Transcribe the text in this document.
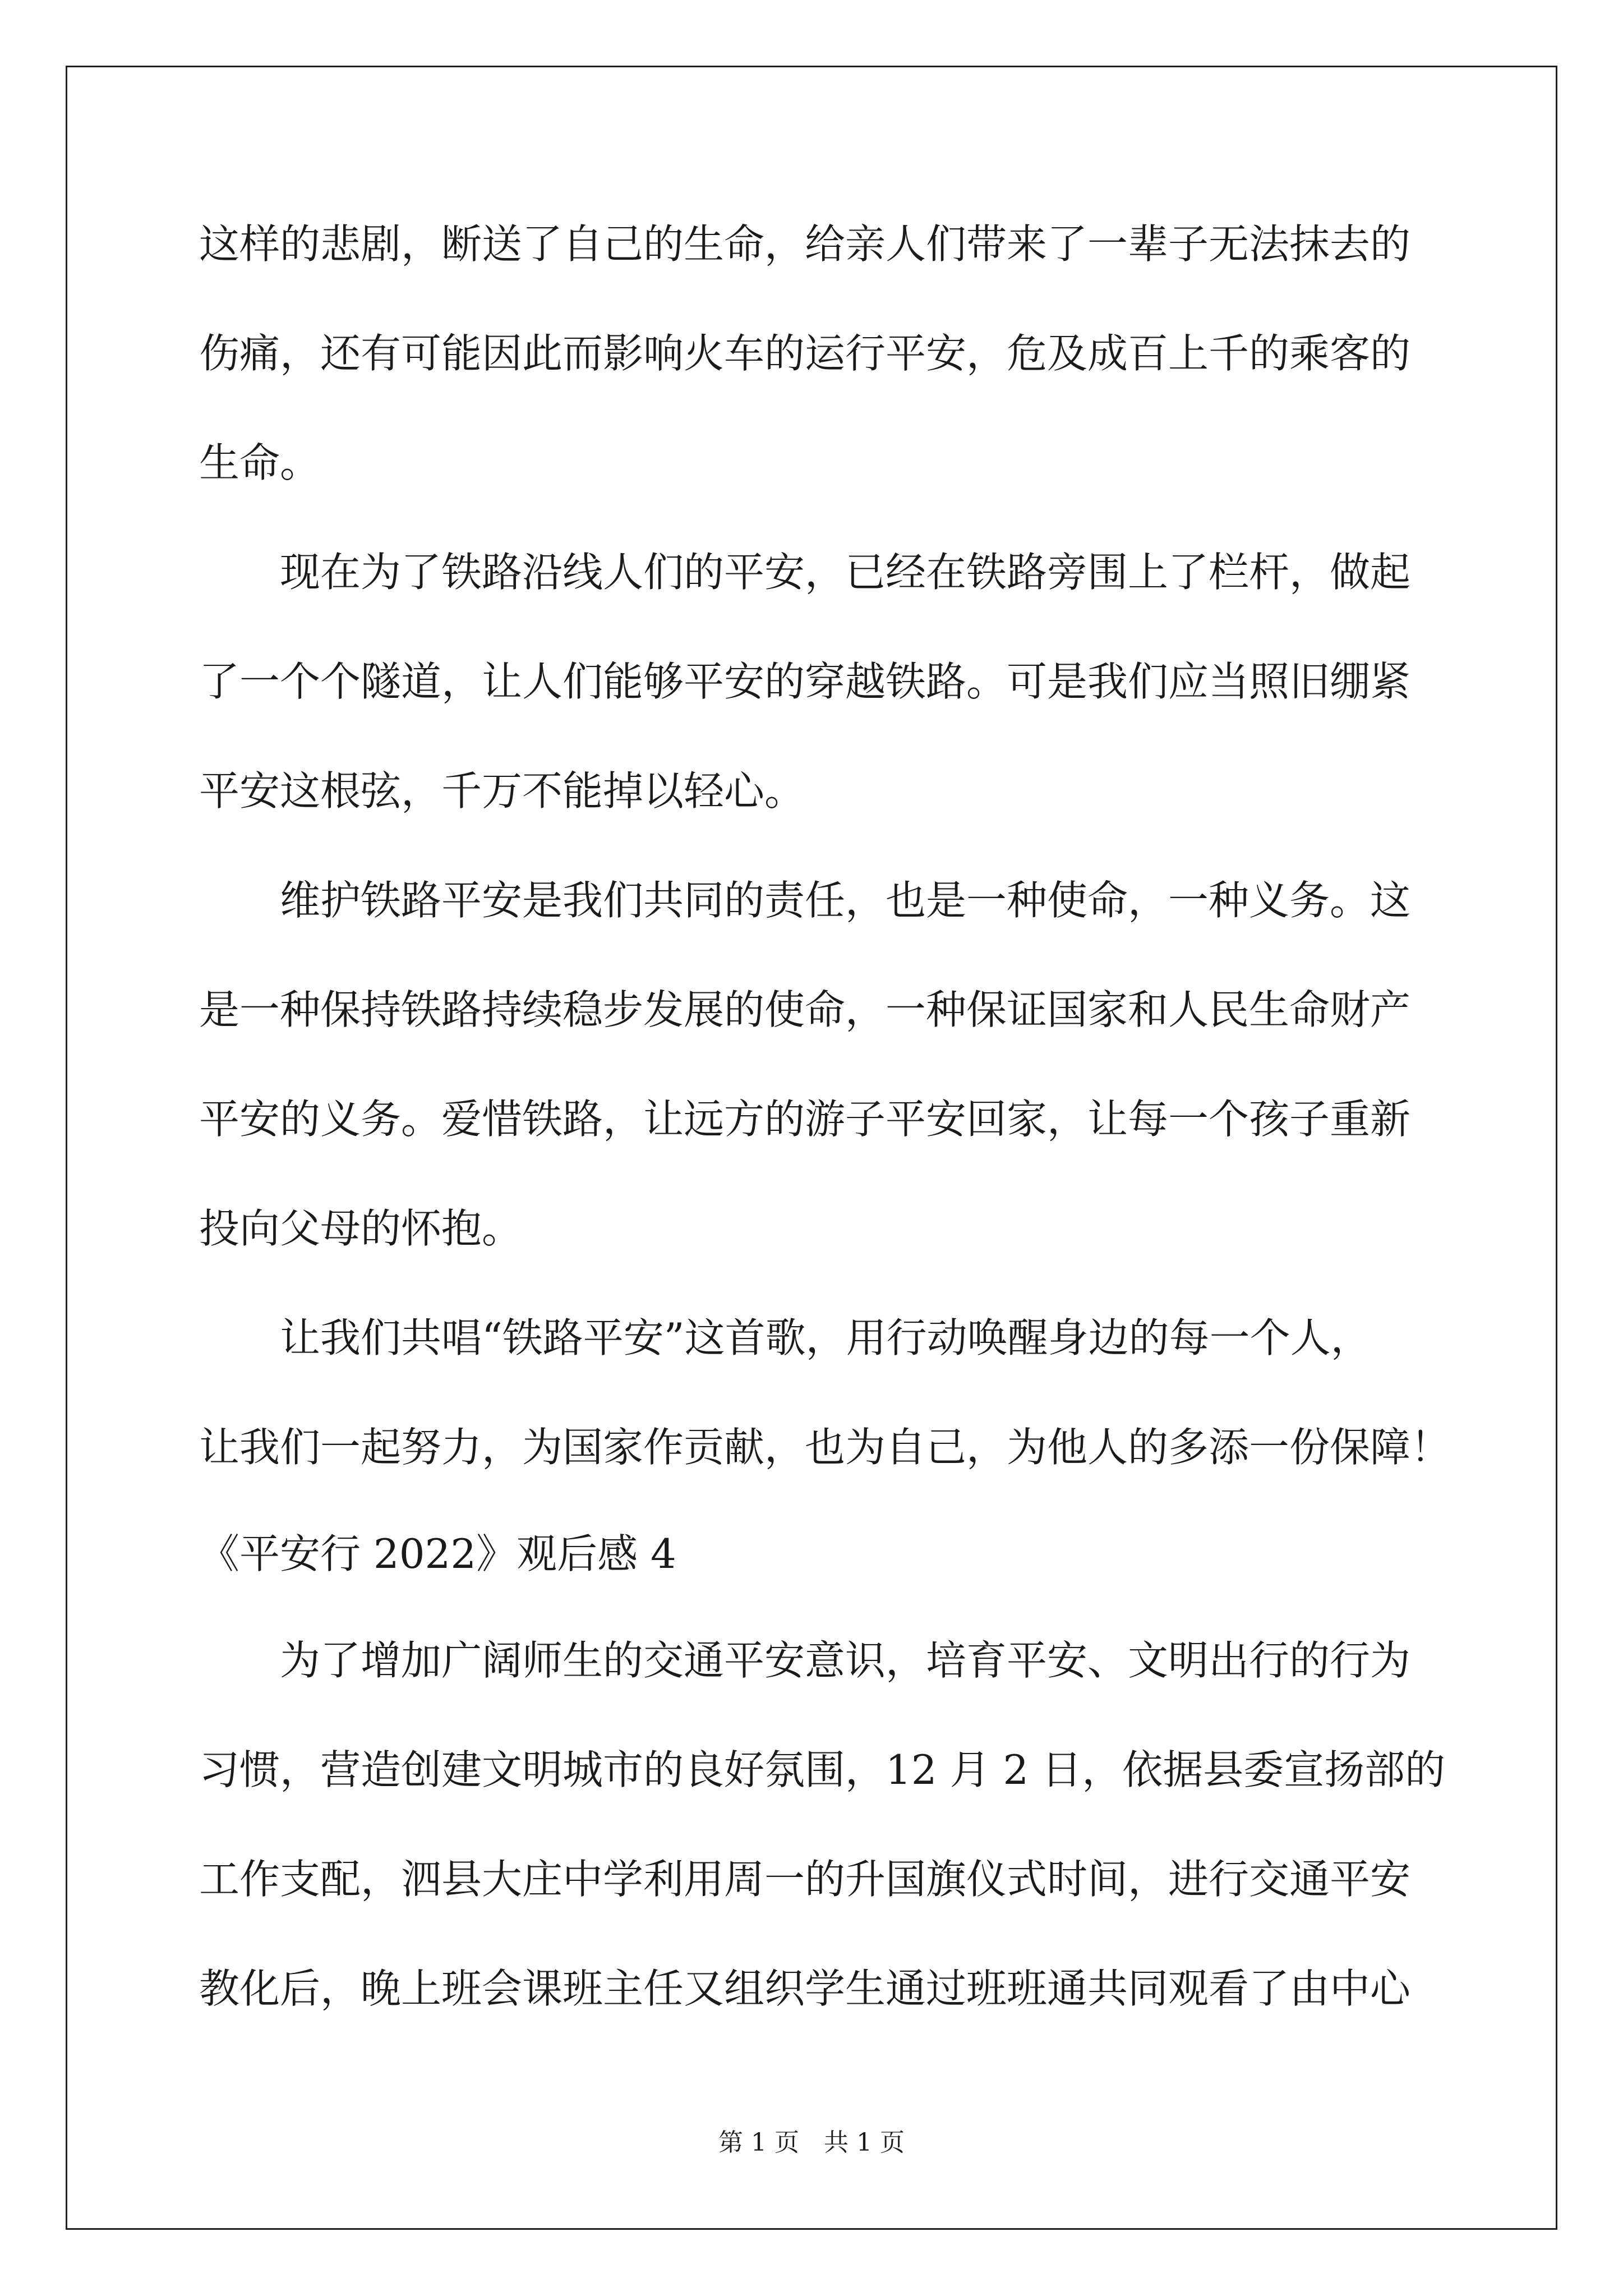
这样的悲剧，断送了自己的生命，给亲人们带来了一辈子无法抹去的
伤痛，还有可能因此而影响火车的运行平安，危及成百上千的乘客的
生命。
　　现在为了铁路沿线人们的平安，已经在铁路旁围上了栏杆，做起
了一个个隧道，让人们能够平安的穿越铁路。可是我们应当照旧绷紧
平安这根弦，千万不能掉以轻心。
　　维护铁路平安是我们共同的责任，也是一种使命，一种义务。这
是一种保持铁路持续稳步发展的使命，一种保证国家和人民生命财产
平安的义务。爱惜铁路，让远方的游子平安回家，让每一个孩子重新
投向父母的怀抱。
　　让我们共唱“铁路平安”这首歌，用行动唤醒身边的每一个人，
让我们一起努力，为国家作贡献，也为自己，为他人的多添一份保障！
《平安行 2022》观后感 4
　　为了增加广阔师生的交通平安意识，培育平安、文明出行的行为
习惯，营造创建文明城市的良好氛围，12 月 2 日，依据县委宣扬部的
工作支配，泗县大庄中学利用周一的升国旗仪式时间，进行交通平安
教化后，晚上班会课班主任又组织学生通过班班通共同观看了由中心
第 1 页　共 1 页
